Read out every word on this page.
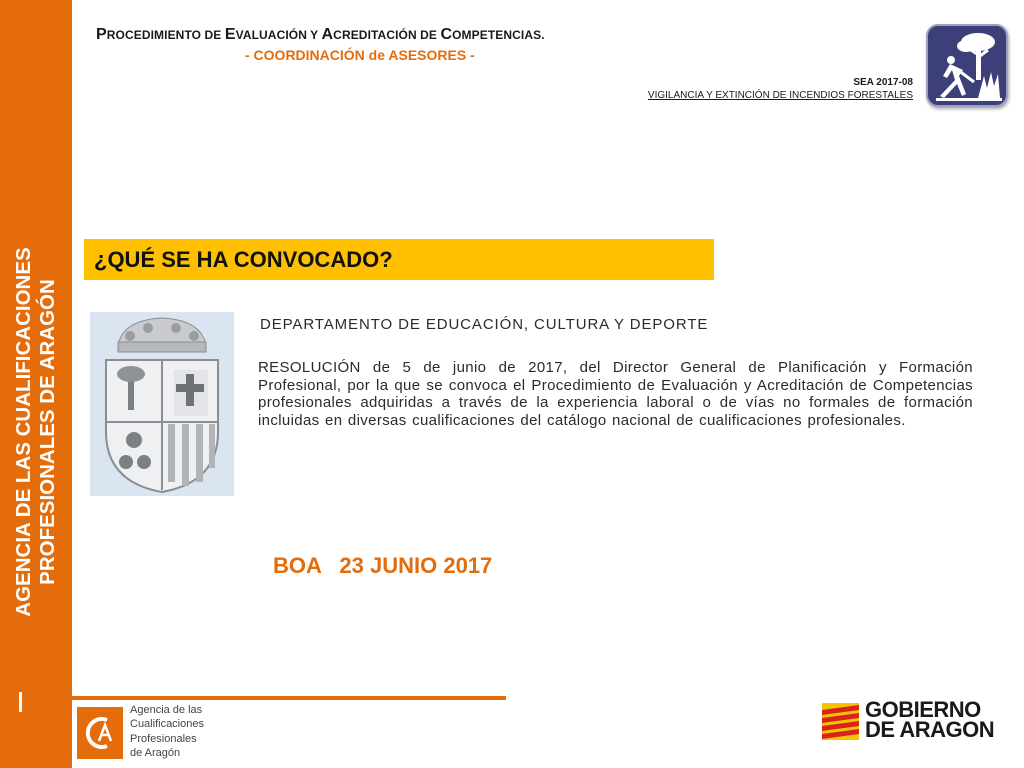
AGENCIA DE LAS CUALIFICACIONES PROFESIONALES DE ARAGÓN
PROCEDIMIENTO DE EVALUACIÓN Y ACREDITACIÓN DE COMPETENCIAS.
- COORDINACIÓN de ASESORES -
SEA 2017-08
VIGILANCIA Y EXTINCIÓN DE INCENDIOS FORESTALES
¿QUÉ SE HA CONVOCADO?
DEPARTAMENTO DE EDUCACIÓN, CULTURA Y DEPORTE
RESOLUCIÓN de 5 de junio de 2017, del Director General de Planificación y Formación Profesional, por la que se convoca el Procedimiento de Evaluación y Acreditación de Competencias profesionales adquiridas a través de la experiencia laboral o de vías no formales de formación incluidas en diversas cualificaciones del catálogo nacional de cualificaciones profesionales.
BOA 23 JUNIO 2017
Agencia de las
Cualificaciones
Profesionales
de Aragón
GOBIERNO
DE ARAGON
